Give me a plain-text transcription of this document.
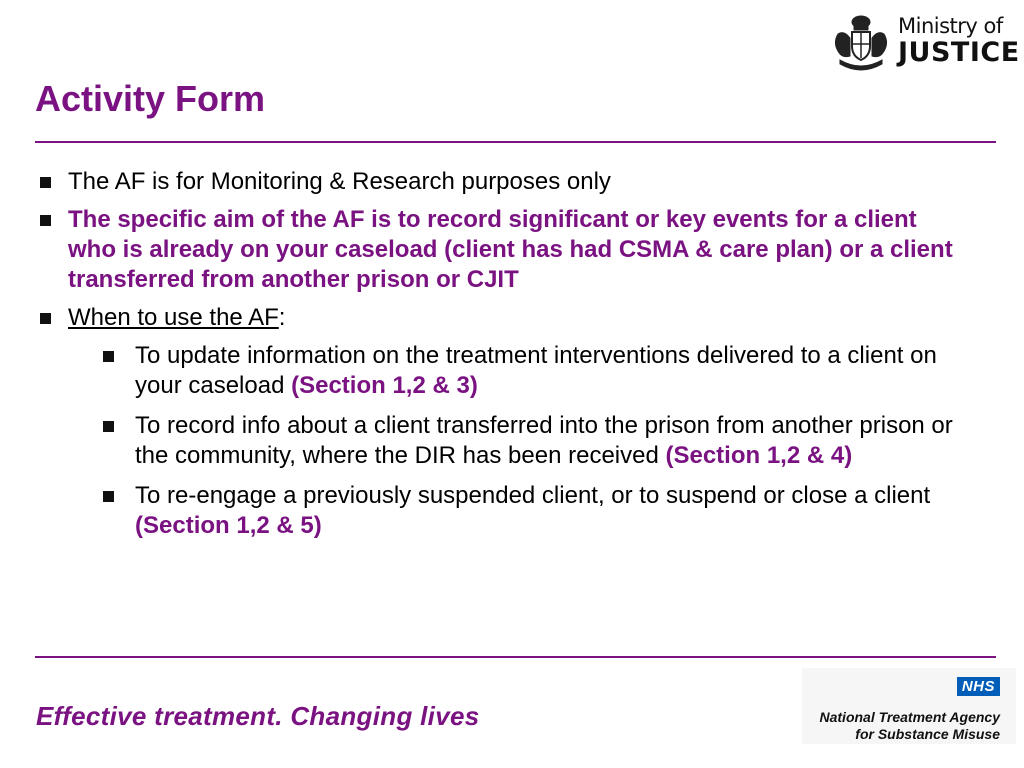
Ministry of
JUSTICE
Activity Form
The AF is for Monitoring & Research purposes only
The specific aim of the AF is to record significant or key events for a client who is already on your caseload (client has had CSMA & care plan) or a client transferred from another prison or CJIT
When to use the AF:
To update information on the treatment interventions delivered to a client on your caseload (Section 1,2 & 3)
To record info about a client transferred into the prison from another prison or the community, where the DIR has been received (Section 1,2 & 4)
To re-engage a previously suspended client, or to suspend or close a client (Section 1,2 & 5)
Effective treatment. Changing lives
NHS
National Treatment Agency
for Substance Misuse
